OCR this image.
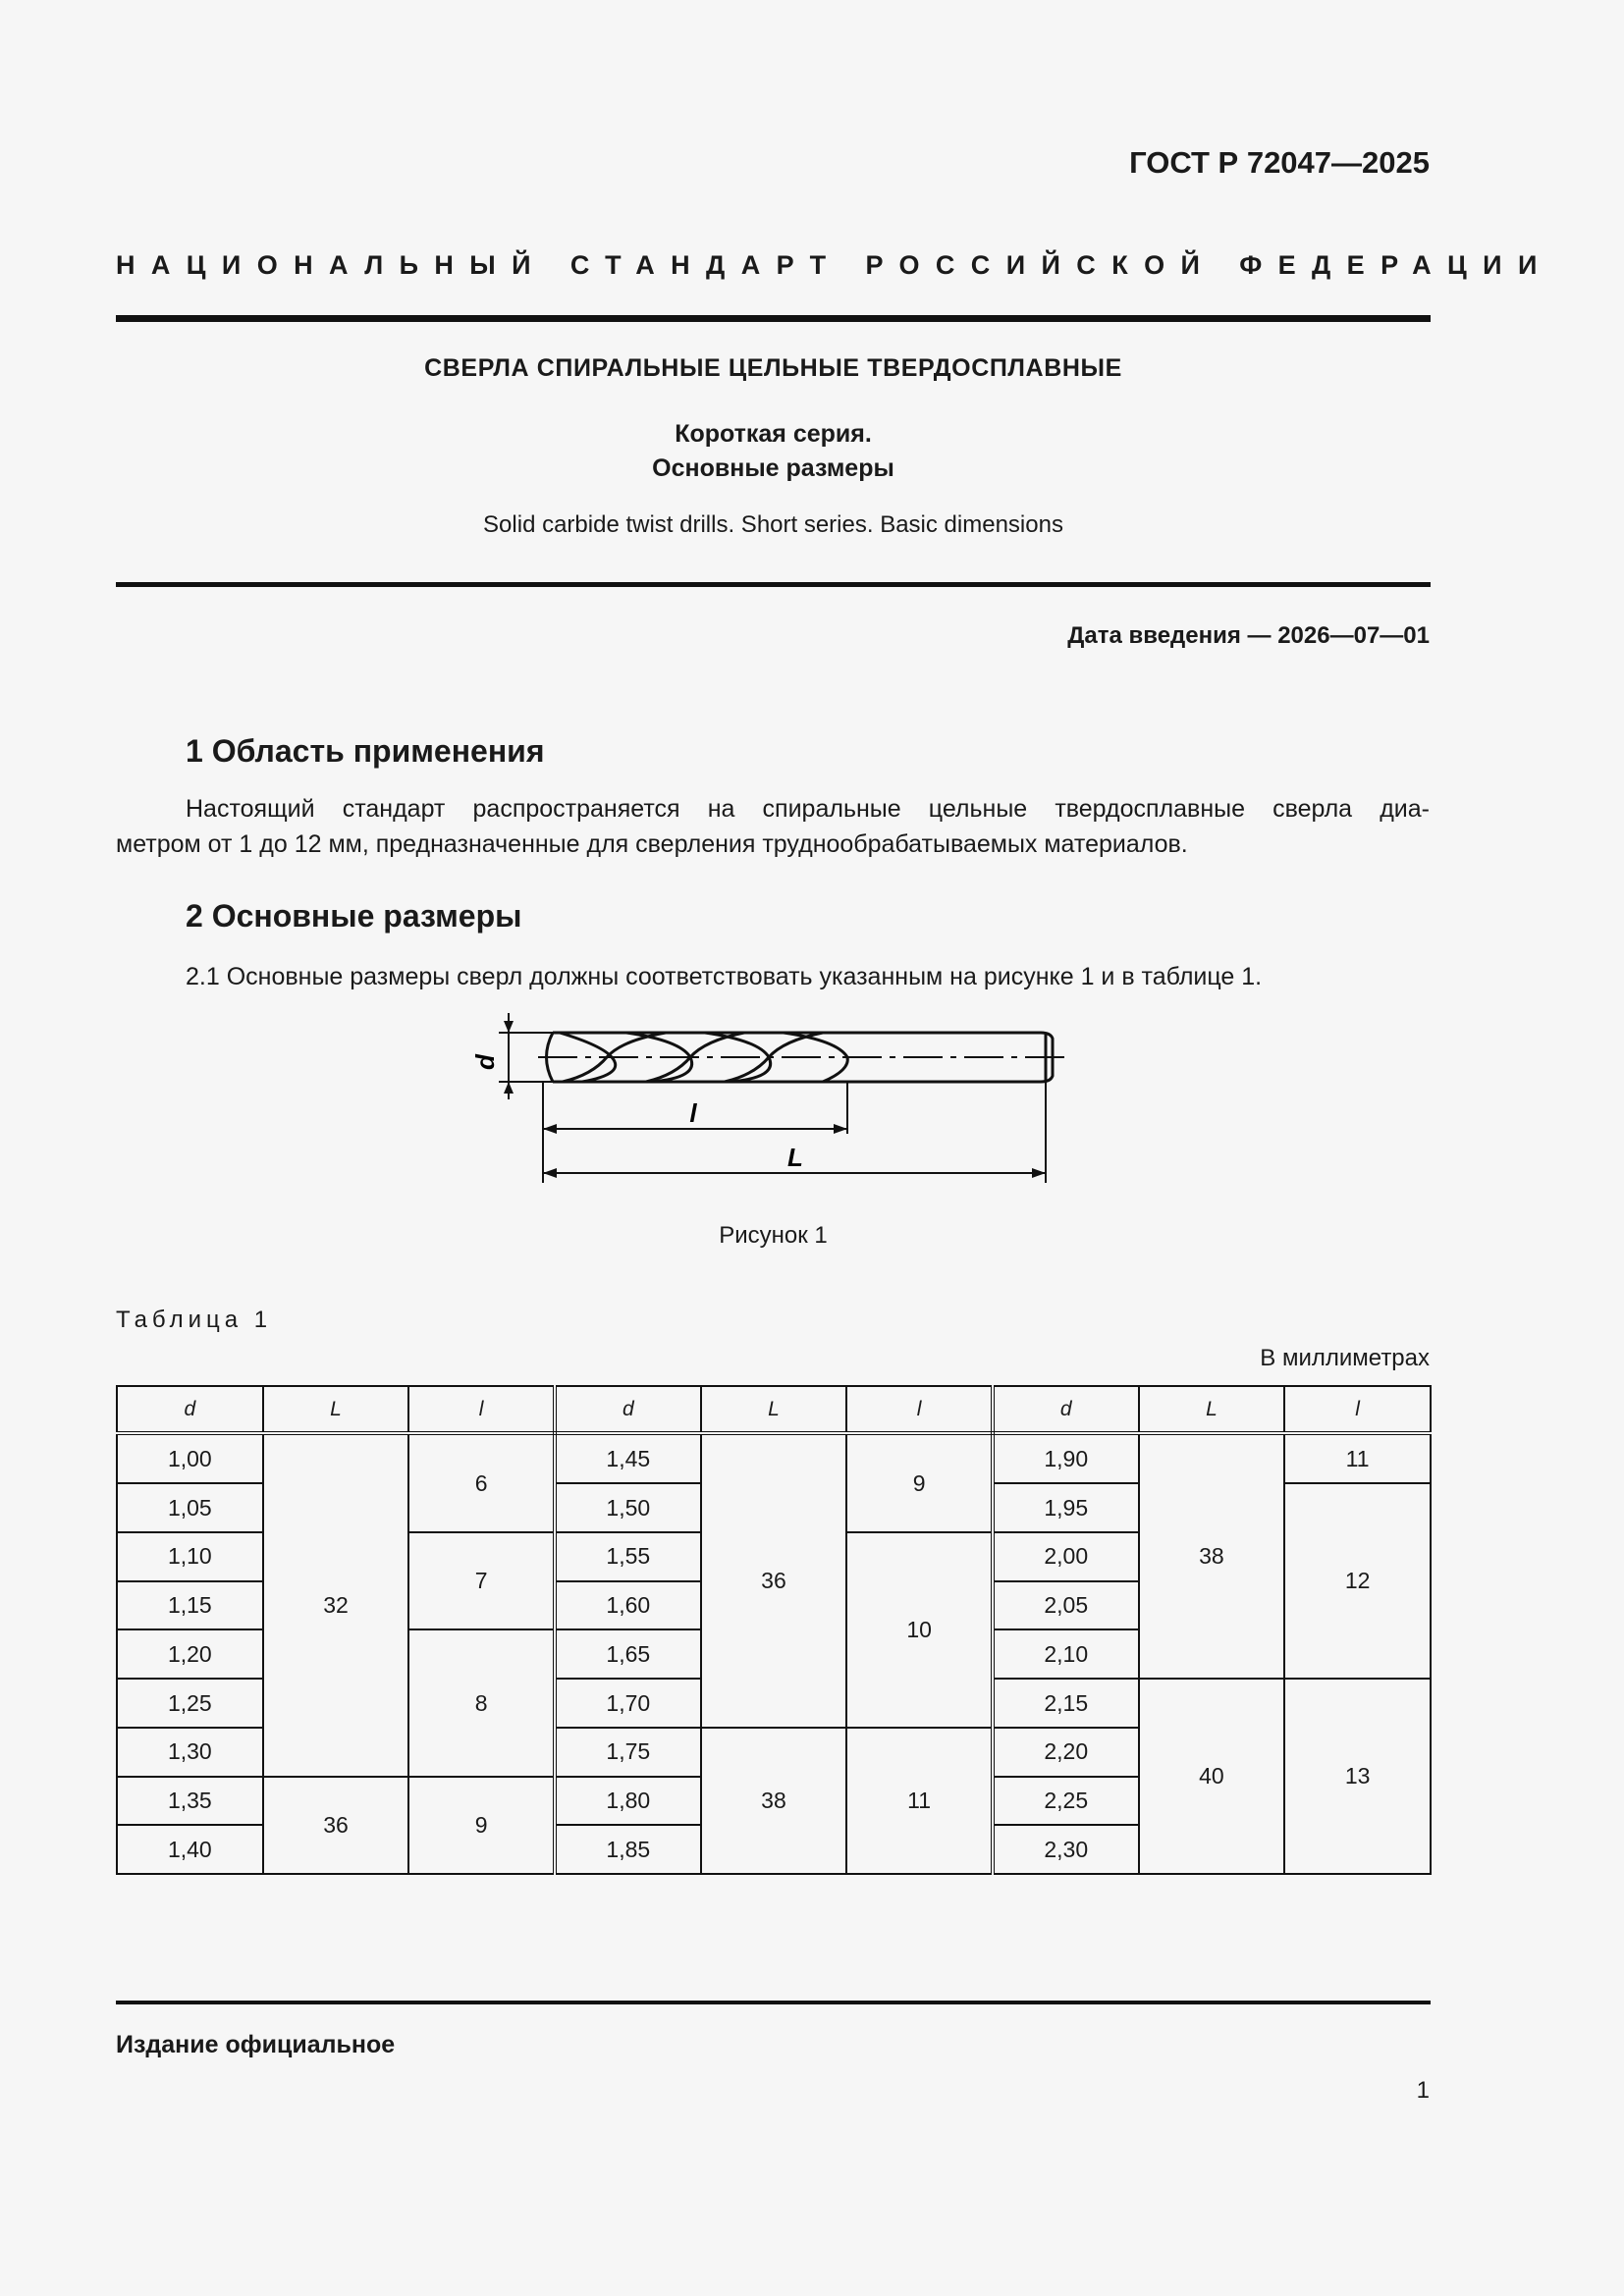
ГОСТ Р 72047—2025
НАЦИОНАЛЬНЫЙ СТАНДАРТ РОССИЙСКОЙ ФЕДЕРАЦИИ
СВЕРЛА СПИРАЛЬНЫЕ ЦЕЛЬНЫЕ ТВЕРДОСПЛАВНЫЕ
Короткая серия.
Основные размеры
Solid carbide twist drills. Short series. Basic dimensions
Дата введения — 2026—07—01
1 Область применения
Настоящий стандарт распространяется на спиральные цельные твердосплавные сверла диа-
метром от 1 до 12 мм, предназначенные для сверления труднообрабатываемых материалов.
2 Основные размеры
2.1 Основные размеры сверл должны соответствовать указанным на рисунке 1 и в таблице 1.
d
l
L
Рисунок 1
Таблица 1
В миллиметрах
d	L	l	d	L	l	d	L	l
1,00	32	6	1,45	36	9	1,90	38	11
1,05			1,50			1,95		12
1,10		7	1,55		10	2,00		
1,15			1,60			2,05		
1,20		8	1,65			2,10		
1,25			1,70			2,15	40	13
1,30			1,75	38	11	2,20		
1,35	36	9	1,80			2,25		
1,40			1,85			2,30		
Издание официальное
1
